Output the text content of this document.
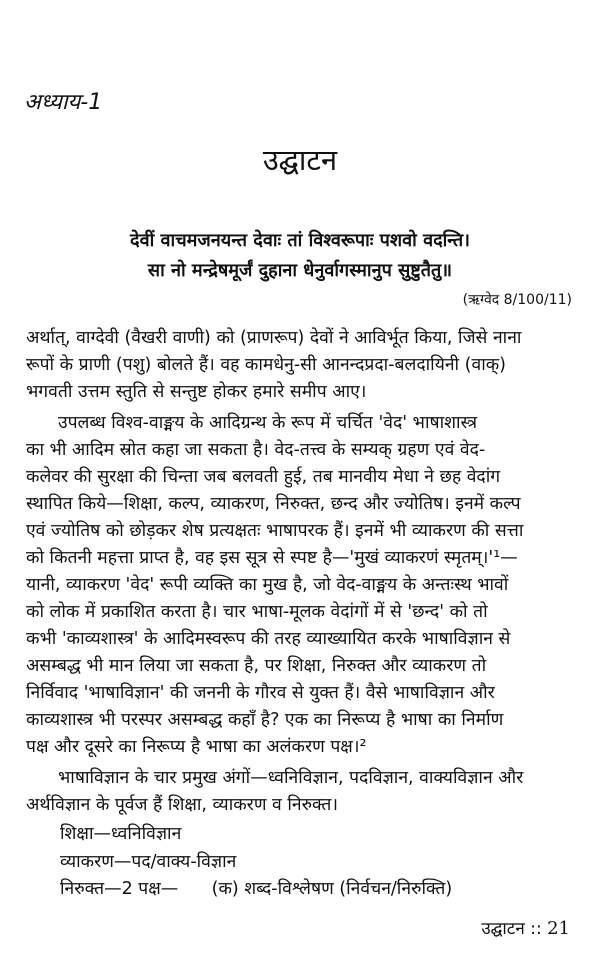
अध्याय-1
उद्घाटन
देवीं वाचमजनयन्त देवाः तां विश्वरूपाः पशवो वदन्ति।
सा नो मन्द्रेषमूर्जं दुहाना धेनुर्वागस्मानुप सुष्टुतैतु॥
(ऋग्वेद 8/100/11)
अर्थात्, वाग्देवी (वैखरी वाणी) को (प्राणरूप) देवों ने आविर्भूत किया, जिसे नाना
रूपों के प्राणी (पशु) बोलते हैं। वह कामधेनु-सी आनन्दप्रदा-बलदायिनी (वाक्)
भगवती उत्तम स्तुति से सन्तुष्ट होकर हमारे समीप आए।
उपलब्ध विश्व-वाङ्मय के आदिग्रन्थ के रूप में चर्चित 'वेद' भाषाशास्त्र
का भी आदिम स्रोत कहा जा सकता है। वेद-तत्त्व के सम्यक् ग्रहण एवं वेद-
कलेवर की सुरक्षा की चिन्ता जब बलवती हुई, तब मानवीय मेधा ने छह वेदांग
स्थापित किये—शिक्षा, कल्प, व्याकरण, निरुक्त, छन्द और ज्योतिष। इनमें कल्प
एवं ज्योतिष को छोड़कर शेष प्रत्यक्षतः भाषापरक हैं। इनमें भी व्याकरण की सत्ता
को कितनी महत्ता प्राप्त है, वह इस सूत्र से स्पष्ट है—'मुखं व्याकरणं स्मृतम्।'¹—
यानी, व्याकरण 'वेद' रूपी व्यक्ति का मुख है, जो वेद-वाङ्मय के अन्तःस्थ भावों
को लोक में प्रकाशित करता है। चार भाषा-मूलक वेदांगों में से 'छन्द' को तो
कभी 'काव्यशास्त्र' के आदिमस्वरूप की तरह व्याख्यायित करके भाषाविज्ञान से
असम्बद्ध भी मान लिया जा सकता है, पर शिक्षा, निरुक्त और व्याकरण तो
निर्विवाद 'भाषाविज्ञान' की जननी के गौरव से युक्त हैं। वैसे भाषाविज्ञान और
काव्यशास्त्र भी परस्पर असम्बद्ध कहाँ है? एक का निरूप्य है भाषा का निर्माण
पक्ष और दूसरे का निरूप्य है भाषा का अलंकरण पक्ष।²
भाषाविज्ञान के चार प्रमुख अंगों—ध्वनिविज्ञान, पदविज्ञान, वाक्यविज्ञान और
अर्थविज्ञान के पूर्वज हैं शिक्षा, व्याकरण व निरुक्त।
शिक्षा—ध्वनिविज्ञान
व्याकरण—पद/वाक्य-विज्ञान
निरुक्त—2 पक्ष—      (क) शब्द-विश्लेषण (निर्वचन/निरुक्ति)
उद्घाटन :: 21
